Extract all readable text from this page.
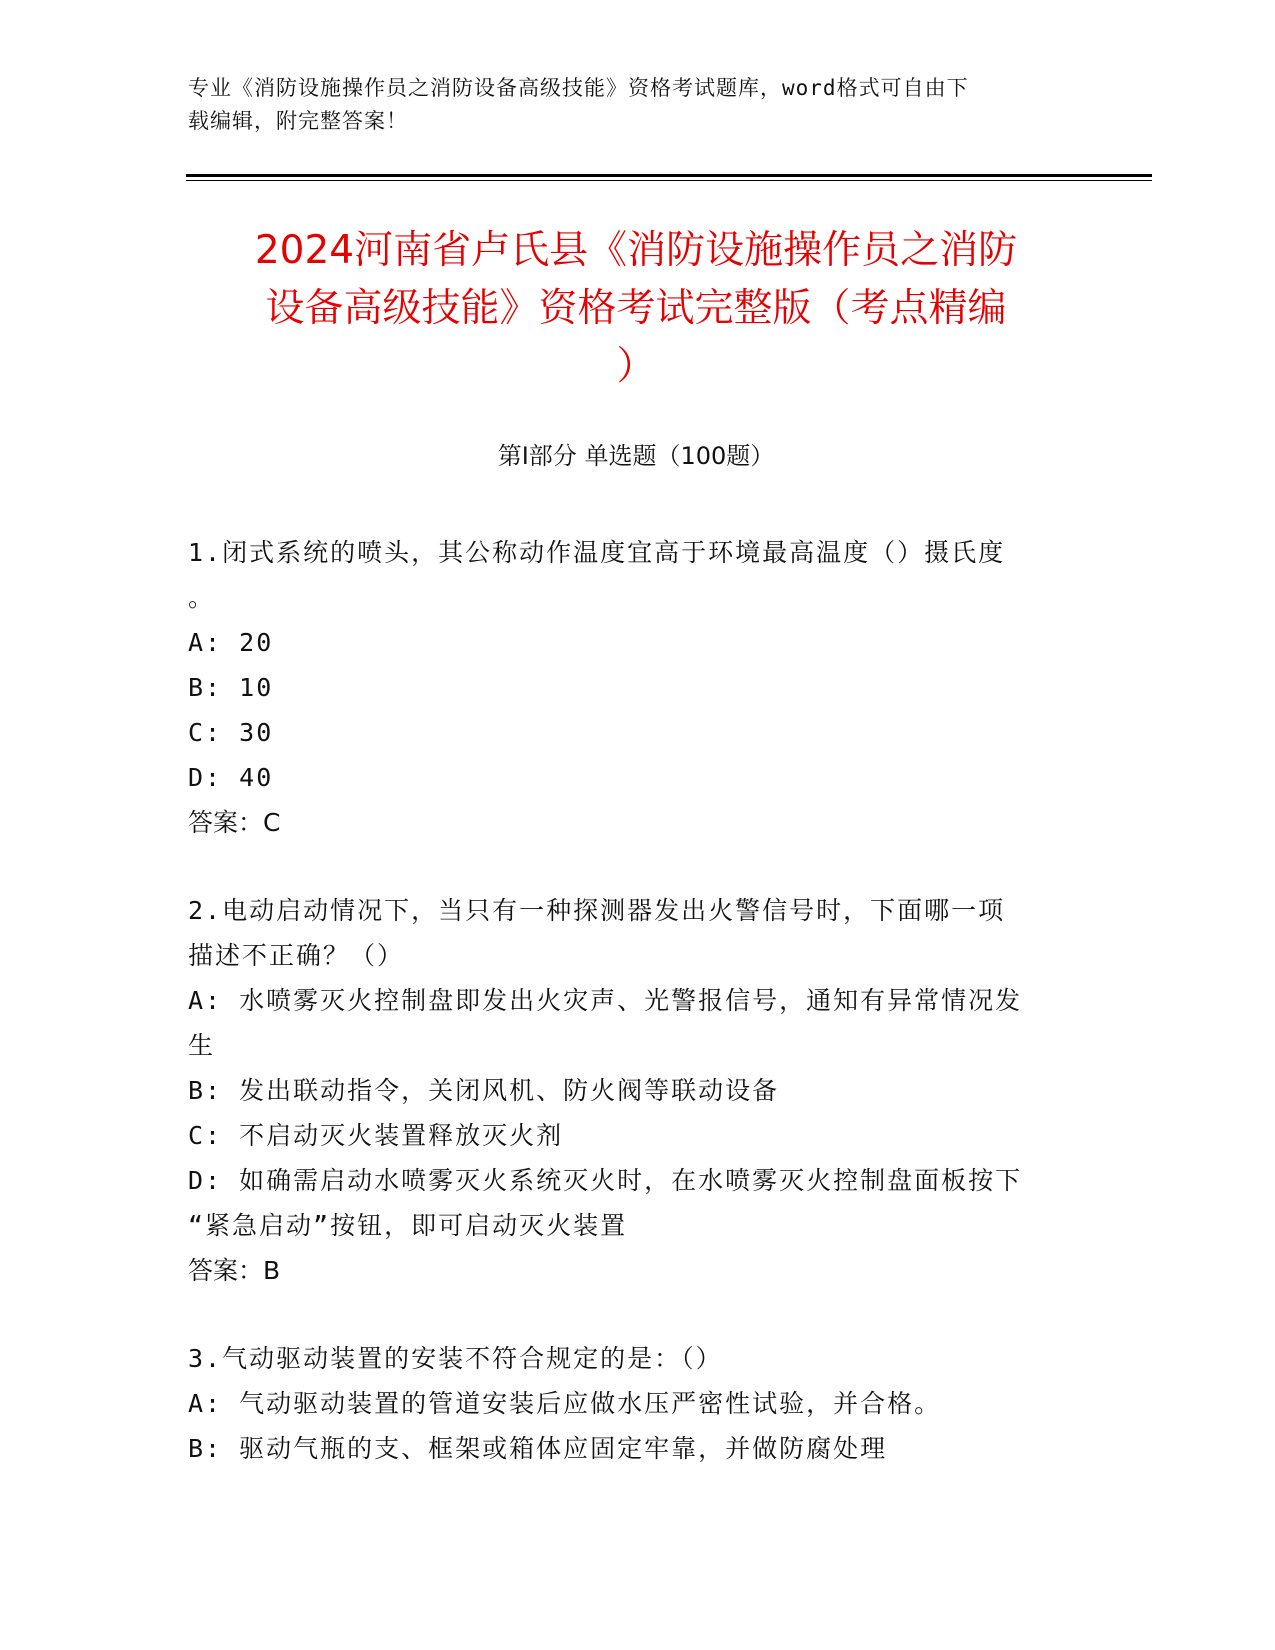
专业《消防设施操作员之消防设备高级技能》资格考试题库，word格式可自由下
载编辑，附完整答案！
2024河南省卢氏县《消防设施操作员之消防
设备高级技能》资格考试完整版（考点精编
）
第Ⅰ部分 单选题（100题）
1.闭式系统的喷头，其公称动作温度宜高于环境最高温度（）摄氏度
。
A: 20
B: 10
C: 30
D: 40
答案：C
2.电动启动情况下，当只有一种探测器发出火警信号时，下面哪一项
描述不正确？（）
A: 水喷雾灭火控制盘即发出火灾声、光警报信号，通知有异常情况发
生
B: 发出联动指令，关闭风机、防火阀等联动设备
C: 不启动灭火装置释放灭火剂
D: 如确需启动水喷雾灭火系统灭火时，在水喷雾灭火控制盘面板按下
“紧急启动”按钮，即可启动灭火装置
答案：B
3.气动驱动装置的安装不符合规定的是：（）
A: 气动驱动装置的管道安装后应做水压严密性试验，并合格。
B: 驱动气瓶的支、框架或箱体应固定牢靠，并做防腐处理
